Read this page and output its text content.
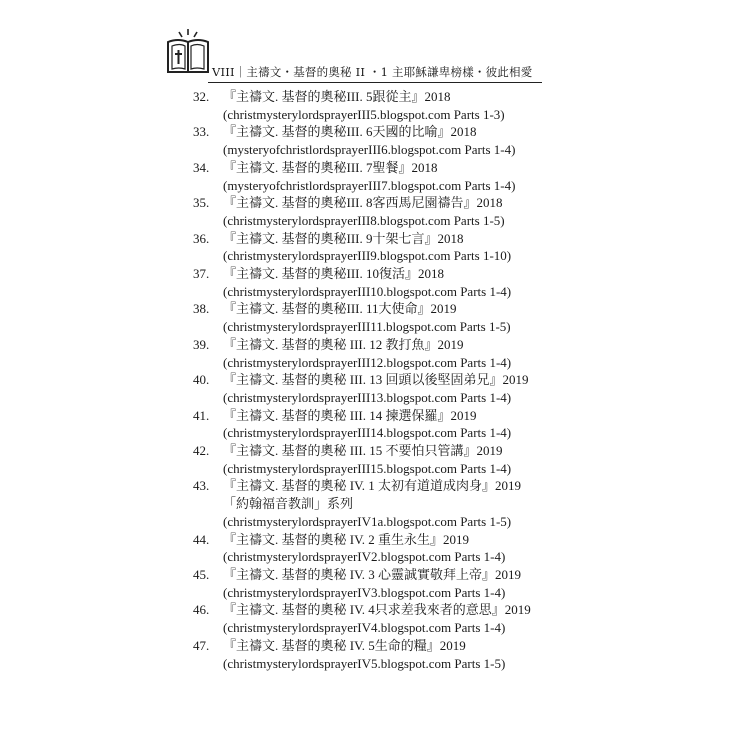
VIII｜主禱文・基督的奧秘 II ・1 主耶穌謙卑榜樣・彼此相愛
32. 『主禱文. 基督的奧秘III. 5跟從主』2018
(christmysterylordsprayerIII5.blogspot.com Parts 1-3)
33. 『主禱文. 基督的奧秘III. 6天國的比喻』2018
(mysteryofchristlordsprayerIII6.blogspot.com Parts 1-4)
34. 『主禱文. 基督的奧秘III. 7聖餐』2018
(mysteryofchristlordsprayerIII7.blogspot.com Parts 1-4)
35. 『主禱文. 基督的奧秘III. 8客西馬尼園禱告』2018
(christmysterylordsprayerIII8.blogspot.com Parts 1-5)
36. 『主禱文. 基督的奧秘III. 9十架七言』2018
(christmysterylordsprayerIII9.blogspot.com Parts 1-10)
37. 『主禱文. 基督的奧秘III. 10復活』2018
(christmysterylordsprayerIII10.blogspot.com Parts 1-4)
38. 『主禱文. 基督的奧秘III. 11大使命』2019
(christmysterylordsprayerIII11.blogspot.com Parts 1-5)
39. 『主禱文. 基督的奧秘 III. 12 教打魚』2019
(christmysterylordsprayerIII12.blogspot.com Parts 1-4)
40. 『主禱文. 基督的奧秘 III. 13 回頭以後堅固弟兄』2019
(christmysterylordsprayerIII13.blogspot.com Parts 1-4)
41. 『主禱文. 基督的奧秘 III. 14 揀選保羅』2019
(christmysterylordsprayerIII14.blogspot.com Parts 1-4)
42. 『主禱文. 基督的奧秘 III. 15 不要怕只管講』2019
(christmysterylordsprayerIII15.blogspot.com Parts 1-4)
43. 『主禱文. 基督的奧秘 IV. 1 太初有道道成肉身』2019
「約翰福音教訓」系列
(christmysterylordsprayerIV1a.blogspot.com Parts 1-5)
44. 『主禱文. 基督的奧秘 IV. 2 重生永生』2019
(christmysterylordsprayerIV2.blogspot.com Parts 1-4)
45. 『主禱文. 基督的奧秘 IV. 3 心靈誠實敬拜上帝』2019
(christmysterylordsprayerIV3.blogspot.com Parts 1-4)
46. 『主禱文. 基督的奧秘 IV. 4只求差我來者的意思』2019
(christmysterylordsprayerIV4.blogspot.com Parts 1-4)
47. 『主禱文. 基督的奧秘 IV. 5生命的糧』2019
(christmysterylordsprayerIV5.blogspot.com Parts 1-5)
